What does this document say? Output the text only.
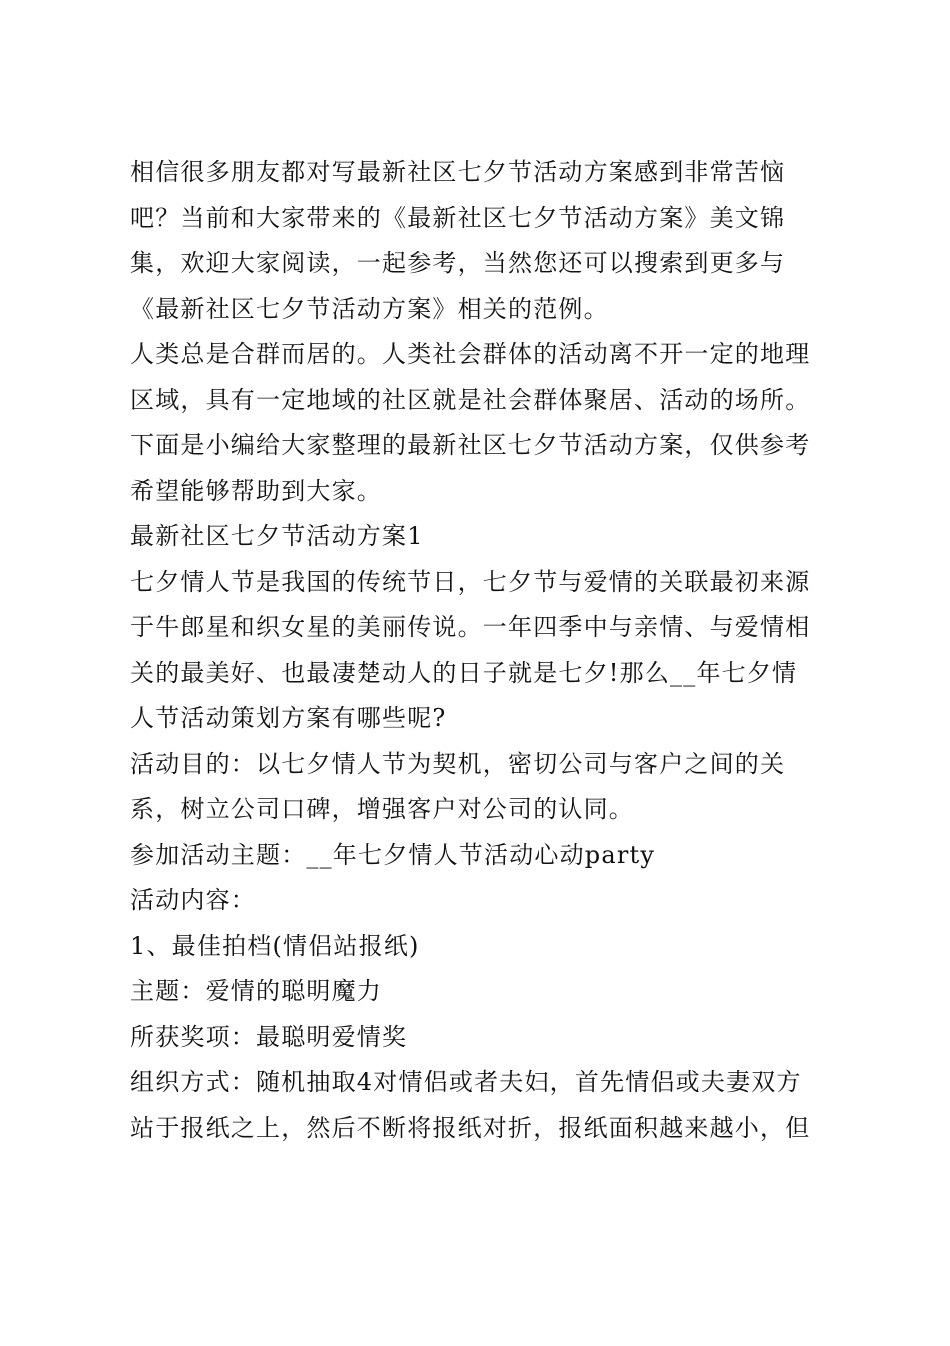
相信很多朋友都对写最新社区七夕节活动方案感到非常苦恼
吧？当前和大家带来的《最新社区七夕节活动方案》美文锦
集，欢迎大家阅读，一起参考，当然您还可以搜索到更多与
《最新社区七夕节活动方案》相关的范例。
人类总是合群而居的。人类社会群体的活动离不开一定的地理
区域，具有一定地域的社区就是社会群体聚居、活动的场所。
下面是小编给大家整理的最新社区七夕节活动方案，仅供参考
希望能够帮助到大家。
最新社区七夕节活动方案1
七夕情人节是我国的传统节日，七夕节与爱情的关联最初来源
于牛郎星和织女星的美丽传说。一年四季中与亲情、与爱情相
关的最美好、也最凄楚动人的日子就是七夕!那么__年七夕情
人节活动策划方案有哪些呢?
活动目的：以七夕情人节为契机，密切公司与客户之间的关
系，树立公司口碑，增强客户对公司的认同。
参加活动主题：__年七夕情人节活动心动party
活动内容：
1、最佳拍档(情侣站报纸)
主题：爱情的聪明魔力
所获奖项：最聪明爱情奖
组织方式：随机抽取4对情侣或者夫妇，首先情侣或夫妻双方
站于报纸之上，然后不断将报纸对折，报纸面积越来越小，但
